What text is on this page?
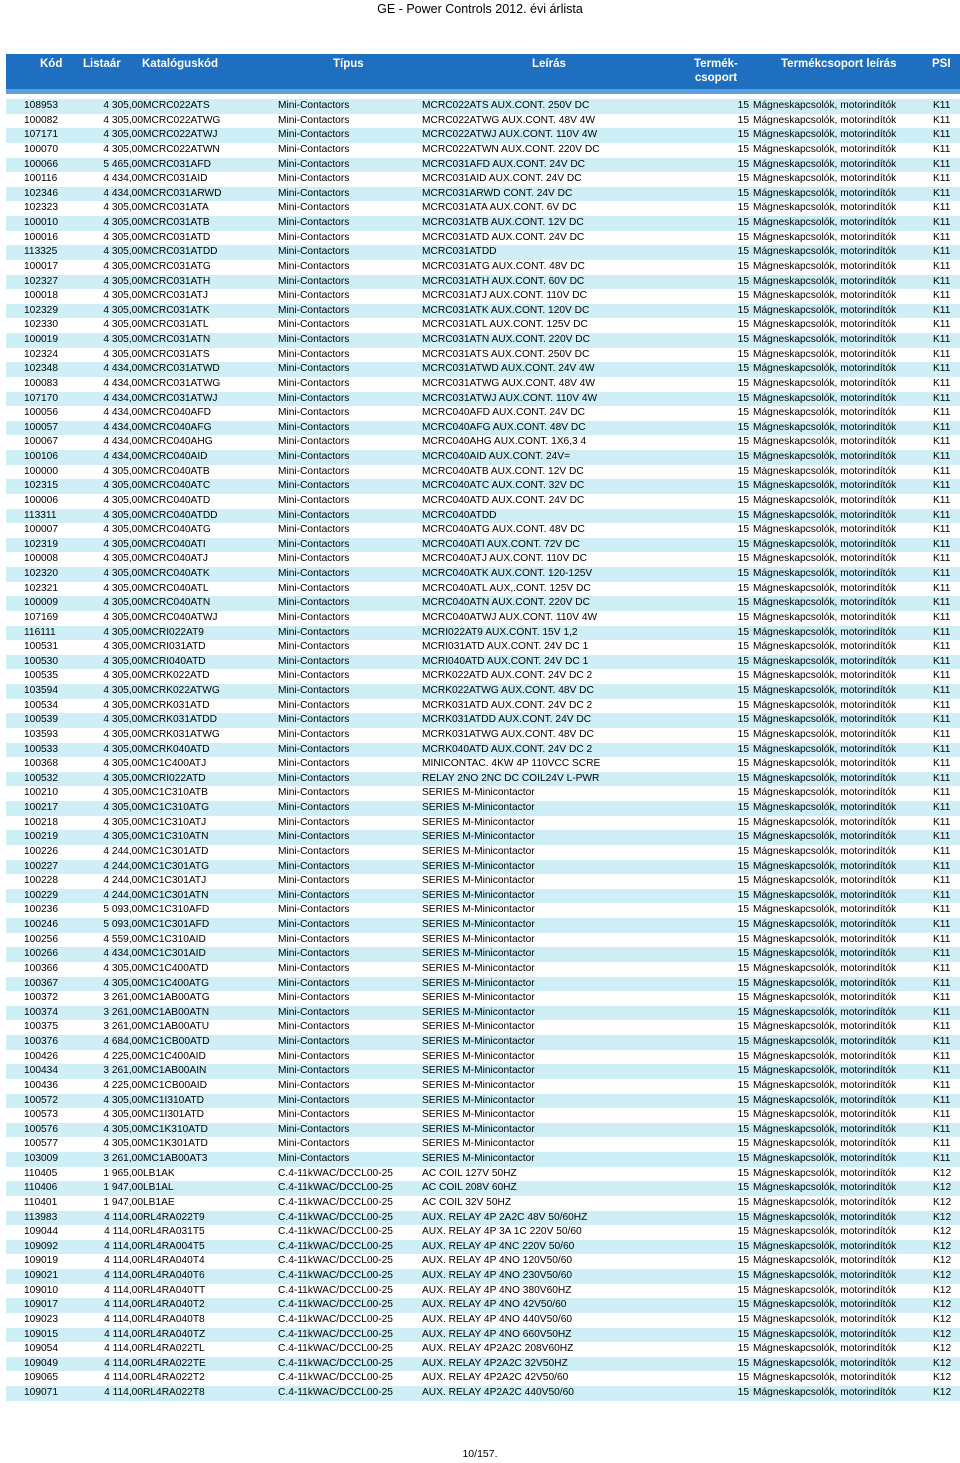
GE - Power Controls 2012. évi árlista
Kód Listaár Katalóguskód	Típus	Leírás	Termék-
csoport
Termékcsoport leírás	PSI
108953	4 305,00 MCRC022ATS	Mini-Contactors	MCRC022ATS AUX.CONT. 250V DC	15 Mágneskapcsolók, motorindítók	K11
100082	4 305,00 MCRC022ATWG	Mini-Contactors	MCRC022ATWG AUX.CONT. 48V 4W	15 Mágneskapcsolók, motorindítók	K11
107171	4 305,00 MCRC022ATWJ	Mini-Contactors	MCRC022ATWJ AUX.CONT. 110V 4W	15 Mágneskapcsolók, motorindítók	K11
100070	4 305,00 MCRC022ATWN	Mini-Contactors	MCRC022ATWN AUX.CONT. 220V DC	15 Mágneskapcsolók, motorindítók	K11
100066	5 465,00 MCRC031AFD	Mini-Contactors	MCRC031AFD AUX.CONT. 24V DC	15 Mágneskapcsolók, motorindítók	K11
100116	4 434,00 MCRC031AID	Mini-Contactors	MCRC031AID AUX.CONT. 24V DC	15 Mágneskapcsolók, motorindítók	K11
102346	4 434,00 MCRC031ARWD	Mini-Contactors	MCRC031ARWD CONT. 24V DC	15 Mágneskapcsolók, motorindítók	K11
102323	4 305,00 MCRC031ATA	Mini-Contactors	MCRC031ATA AUX.CONT. 6V DC	15 Mágneskapcsolók, motorindítók	K11
100010	4 305,00 MCRC031ATB	Mini-Contactors	MCRC031ATB AUX.CONT. 12V DC	15 Mágneskapcsolók, motorindítók	K11
100016	4 305,00 MCRC031ATD	Mini-Contactors	MCRC031ATD AUX.CONT. 24V DC	15 Mágneskapcsolók, motorindítók	K11
113325	4 305,00 MCRC031ATDD	Mini-Contactors	MCRC031ATDD	15 Mágneskapcsolók, motorindítók	K11
100017	4 305,00 MCRC031ATG	Mini-Contactors	MCRC031ATG AUX.CONT. 48V DC	15 Mágneskapcsolók, motorindítók	K11
102327	4 305,00 MCRC031ATH	Mini-Contactors	MCRC031ATH AUX.CONT. 60V DC	15 Mágneskapcsolók, motorindítók	K11
100018	4 305,00 MCRC031ATJ	Mini-Contactors	MCRC031ATJ AUX.CONT. 110V DC	15 Mágneskapcsolók, motorindítók	K11
102329	4 305,00 MCRC031ATK	Mini-Contactors	MCRC031ATK AUX.CONT. 120V DC	15 Mágneskapcsolók, motorindítók	K11
102330	4 305,00 MCRC031ATL	Mini-Contactors	MCRC031ATL AUX.CONT. 125V DC	15 Mágneskapcsolók, motorindítók	K11
100019	4 305,00 MCRC031ATN	Mini-Contactors	MCRC031ATN AUX.CONT. 220V DC	15 Mágneskapcsolók, motorindítók	K11
102324	4 305,00 MCRC031ATS	Mini-Contactors	MCRC031ATS AUX.CONT. 250V DC	15 Mágneskapcsolók, motorindítók	K11
102348	4 434,00 MCRC031ATWD	Mini-Contactors	MCRC031ATWD AUX.CONT. 24V 4W	15 Mágneskapcsolók, motorindítók	K11
100083	4 434,00 MCRC031ATWG	Mini-Contactors	MCRC031ATWG AUX.CONT. 48V 4W	15 Mágneskapcsolók, motorindítók	K11
107170	4 434,00 MCRC031ATWJ	Mini-Contactors	MCRC031ATWJ AUX.CONT. 110V 4W	15 Mágneskapcsolók, motorindítók	K11
100056	4 434,00 MCRC040AFD	Mini-Contactors	MCRC040AFD AUX.CONT. 24V DC	15 Mágneskapcsolók, motorindítók	K11
100057	4 434,00 MCRC040AFG	Mini-Contactors	MCRC040AFG AUX.CONT. 48V DC	15 Mágneskapcsolók, motorindítók	K11
100067	4 434,00 MCRC040AHG	Mini-Contactors	MCRC040AHG AUX.CONT. 1X6,3 4	15 Mágneskapcsolók, motorindítók	K11
100106	4 434,00 MCRC040AID	Mini-Contactors	MCRC040AID AUX.CONT. 24V=	15 Mágneskapcsolók, motorindítók	K11
100000	4 305,00 MCRC040ATB	Mini-Contactors	MCRC040ATB AUX.CONT. 12V DC	15 Mágneskapcsolók, motorindítók	K11
102315	4 305,00 MCRC040ATC	Mini-Contactors	MCRC040ATC AUX.CONT. 32V DC	15 Mágneskapcsolók, motorindítók	K11
100006	4 305,00 MCRC040ATD	Mini-Contactors	MCRC040ATD AUX.CONT. 24V DC	15 Mágneskapcsolók, motorindítók	K11
113311	4 305,00 MCRC040ATDD	Mini-Contactors	MCRC040ATDD	15 Mágneskapcsolók, motorindítók	K11
100007	4 305,00 MCRC040ATG	Mini-Contactors	MCRC040ATG AUX.CONT. 48V DC	15 Mágneskapcsolók, motorindítók	K11
102319	4 305,00 MCRC040ATI	Mini-Contactors	MCRC040ATI AUX.CONT. 72V DC	15 Mágneskapcsolók, motorindítók	K11
100008	4 305,00 MCRC040ATJ	Mini-Contactors	MCRC040ATJ AUX.CONT. 110V DC	15 Mágneskapcsolók, motorindítók	K11
102320	4 305,00 MCRC040ATK	Mini-Contactors	MCRC040ATK AUX.CONT. 120-125V	15 Mágneskapcsolók, motorindítók	K11
102321	4 305,00 MCRC040ATL	Mini-Contactors	MCRC040ATL AUX,.CONT. 125V DC	15 Mágneskapcsolók, motorindítók	K11
100009	4 305,00 MCRC040ATN	Mini-Contactors	MCRC040ATN AUX.CONT. 220V DC	15 Mágneskapcsolók, motorindítók	K11
107169	4 305,00 MCRC040ATWJ	Mini-Contactors	MCRC040ATWJ AUX.CONT. 110V 4W	15 Mágneskapcsolók, motorindítók	K11
116111	4 305,00 MCRI022AT9	Mini-Contactors	MCRI022AT9 AUX.CONT. 15V 1,2	15 Mágneskapcsolók, motorindítók	K11
100531	4 305,00 MCRI031ATD	Mini-Contactors	MCRI031ATD AUX.CONT. 24V DC 1	15 Mágneskapcsolók, motorindítók	K11
100530	4 305,00 MCRI040ATD	Mini-Contactors	MCRI040ATD AUX.CONT. 24V DC 1	15 Mágneskapcsolók, motorindítók	K11
100535	4 305,00 MCRK022ATD	Mini-Contactors	MCRK022ATD AUX.CONT. 24V DC 2	15 Mágneskapcsolók, motorindítók	K11
103594	4 305,00 MCRK022ATWG	Mini-Contactors	MCRK022ATWG AUX.CONT. 48V DC	15 Mágneskapcsolók, motorindítók	K11
100534	4 305,00 MCRK031ATD	Mini-Contactors	MCRK031ATD AUX.CONT. 24V DC 2	15 Mágneskapcsolók, motorindítók	K11
100539	4 305,00 MCRK031ATDD	Mini-Contactors	MCRK031ATDD AUX.CONT. 24V DC	15 Mágneskapcsolók, motorindítók	K11
103593	4 305,00 MCRK031ATWG	Mini-Contactors	MCRK031ATWG AUX.CONT. 48V DC	15 Mágneskapcsolók, motorindítók	K11
100533	4 305,00 MCRK040ATD	Mini-Contactors	MCRK040ATD AUX.CONT. 24V DC 2	15 Mágneskapcsolók, motorindítók	K11
100368	4 305,00 MC1C400ATJ	Mini-Contactors	MINICONTAC. 4KW 4P 110VCC SCRE	15 Mágneskapcsolók, motorindítók	K11
100532	4 305,00 MCRI022ATD	Mini-Contactors	RELAY 2NO 2NC DC COIL24V L-PWR	15 Mágneskapcsolók, motorindítók	K11
100210	4 305,00 MC1C310ATB	Mini-Contactors	SERIES M-Minicontactor	15 Mágneskapcsolók, motorindítók	K11
100217	4 305,00 MC1C310ATG	Mini-Contactors	SERIES M-Minicontactor	15 Mágneskapcsolók, motorindítók	K11
100218	4 305,00 MC1C310ATJ	Mini-Contactors	SERIES M-Minicontactor	15 Mágneskapcsolók, motorindítók	K11
100219	4 305,00 MC1C310ATN	Mini-Contactors	SERIES M-Minicontactor	15 Mágneskapcsolók, motorindítók	K11
100226	4 244,00 MC1C301ATD	Mini-Contactors	SERIES M-Minicontactor	15 Mágneskapcsolók, motorindítók	K11
100227	4 244,00 MC1C301ATG	Mini-Contactors	SERIES M-Minicontactor	15 Mágneskapcsolók, motorindítók	K11
100228	4 244,00 MC1C301ATJ	Mini-Contactors	SERIES M-Minicontactor	15 Mágneskapcsolók, motorindítók	K11
100229	4 244,00 MC1C301ATN	Mini-Contactors	SERIES M-Minicontactor	15 Mágneskapcsolók, motorindítók	K11
100236	5 093,00 MC1C310AFD	Mini-Contactors	SERIES M-Minicontactor	15 Mágneskapcsolók, motorindítók	K11
100246	5 093,00 MC1C301AFD	Mini-Contactors	SERIES M-Minicontactor	15 Mágneskapcsolók, motorindítók	K11
100256	4 559,00 MC1C310AID	Mini-Contactors	SERIES M-Minicontactor	15 Mágneskapcsolók, motorindítók	K11
100266	4 434,00 MC1C301AID	Mini-Contactors	SERIES M-Minicontactor	15 Mágneskapcsolók, motorindítók	K11
100366	4 305,00 MC1C400ATD	Mini-Contactors	SERIES M-Minicontactor	15 Mágneskapcsolók, motorindítók	K11
100367	4 305,00 MC1C400ATG	Mini-Contactors	SERIES M-Minicontactor	15 Mágneskapcsolók, motorindítók	K11
100372	3 261,00 MC1AB00ATG	Mini-Contactors	SERIES M-Minicontactor	15 Mágneskapcsolók, motorindítók	K11
100374	3 261,00 MC1AB00ATN	Mini-Contactors	SERIES M-Minicontactor	15 Mágneskapcsolók, motorindítók	K11
100375	3 261,00 MC1AB00ATU	Mini-Contactors	SERIES M-Minicontactor	15 Mágneskapcsolók, motorindítók	K11
100376	4 684,00 MC1CB00ATD	Mini-Contactors	SERIES M-Minicontactor	15 Mágneskapcsolók, motorindítók	K11
100426	4 225,00 MC1C400AID	Mini-Contactors	SERIES M-Minicontactor	15 Mágneskapcsolók, motorindítók	K11
100434	3 261,00 MC1AB00AIN	Mini-Contactors	SERIES M-Minicontactor	15 Mágneskapcsolók, motorindítók	K11
100436	4 225,00 MC1CB00AID	Mini-Contactors	SERIES M-Minicontactor	15 Mágneskapcsolók, motorindítók	K11
100572	4 305,00 MC1I310ATD	Mini-Contactors	SERIES M-Minicontactor	15 Mágneskapcsolók, motorindítók	K11
100573	4 305,00 MC1I301ATD	Mini-Contactors	SERIES M-Minicontactor	15 Mágneskapcsolók, motorindítók	K11
100576	4 305,00 MC1K310ATD	Mini-Contactors	SERIES M-Minicontactor	15 Mágneskapcsolók, motorindítók	K11
100577	4 305,00 MC1K301ATD	Mini-Contactors	SERIES M-Minicontactor	15 Mágneskapcsolók, motorindítók	K11
103009	3 261,00 MC1AB00AT3	Mini-Contactors	SERIES M-Minicontactor	15 Mágneskapcsolók, motorindítók	K11
110405	1 965,00 LB1AK	C.4-11kWAC/DCCL00-25	AC COIL 127V 50HZ	15 Mágneskapcsolók, motorindítók	K12
110406	1 947,00 LB1AL	C.4-11kWAC/DCCL00-25	AC COIL 208V 60HZ	15 Mágneskapcsolók, motorindítók	K12
110401	1 947,00 LB1AE	C.4-11kWAC/DCCL00-25	AC COIL 32V 50HZ	15 Mágneskapcsolók, motorindítók	K12
113983	4 114,00 RL4RA022T9	C.4-11kWAC/DCCL00-25	AUX. RELAY 4P 2A2C 48V 50/60HZ	15 Mágneskapcsolók, motorindítók	K12
109044	4 114,00 RL4RA031T5	C.4-11kWAC/DCCL00-25	AUX. RELAY 4P 3A 1C 220V 50/60	15 Mágneskapcsolók, motorindítók	K12
109092	4 114,00 RL4RA004T5	C.4-11kWAC/DCCL00-25	AUX. RELAY 4P 4NC 220V 50/60	15 Mágneskapcsolók, motorindítók	K12
109019	4 114,00 RL4RA040T4	C.4-11kWAC/DCCL00-25	AUX. RELAY 4P 4NO 120V50/60	15 Mágneskapcsolók, motorindítók	K12
109021	4 114,00 RL4RA040T6	C.4-11kWAC/DCCL00-25	AUX. RELAY 4P 4NO 230V50/60	15 Mágneskapcsolók, motorindítók	K12
109010	4 114,00 RL4RA040TT	C.4-11kWAC/DCCL00-25	AUX. RELAY 4P 4NO 380V60HZ	15 Mágneskapcsolók, motorindítók	K12
109017	4 114,00 RL4RA040T2	C.4-11kWAC/DCCL00-25	AUX. RELAY 4P 4NO 42V50/60	15 Mágneskapcsolók, motorindítók	K12
109023	4 114,00 RL4RA040T8	C.4-11kWAC/DCCL00-25	AUX. RELAY 4P 4NO 440V50/60	15 Mágneskapcsolók, motorindítók	K12
109015	4 114,00 RL4RA040TZ	C.4-11kWAC/DCCL00-25	AUX. RELAY 4P 4NO 660V50HZ	15 Mágneskapcsolók, motorindítók	K12
109054	4 114,00 RL4RA022TL	C.4-11kWAC/DCCL00-25	AUX. RELAY 4P2A2C 208V60HZ	15 Mágneskapcsolók, motorindítók	K12
109049	4 114,00 RL4RA022TE	C.4-11kWAC/DCCL00-25	AUX. RELAY 4P2A2C 32V50HZ	15 Mágneskapcsolók, motorindítók	K12
109065	4 114,00 RL4RA022T2	C.4-11kWAC/DCCL00-25	AUX. RELAY 4P2A2C 42V50/60	15 Mágneskapcsolók, motorindítók	K12
109071	4 114,00 RL4RA022T8	C.4-11kWAC/DCCL00-25	AUX. RELAY 4P2A2C 440V50/60	15 Mágneskapcsolók, motorindítók	K12
10/157.
